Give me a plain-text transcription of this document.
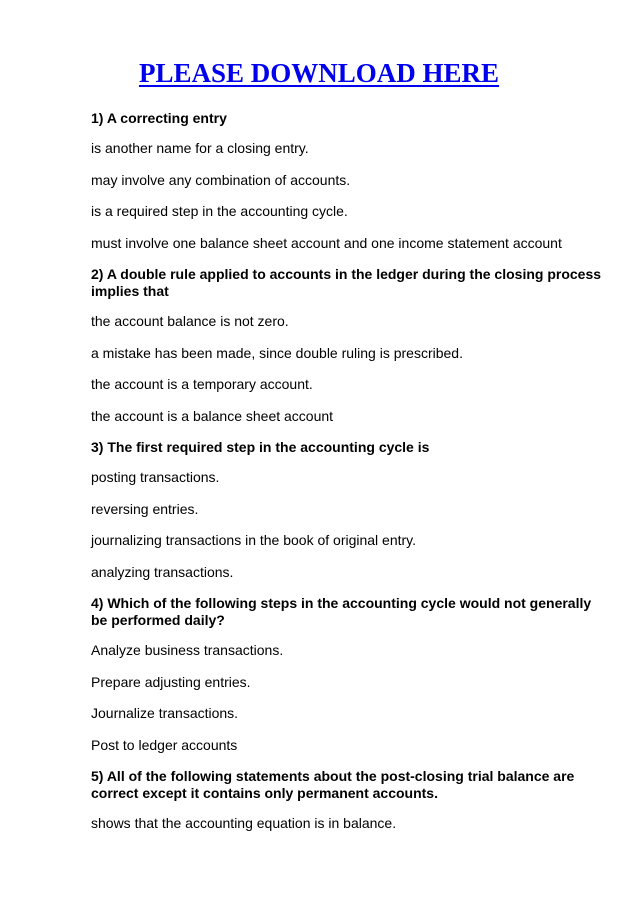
PLEASE DOWNLOAD HERE
1) A correcting entry
is another name for a closing entry.
may involve any combination of accounts.
is a required step in the accounting cycle.
must involve one balance sheet account and one income statement account
2) A double rule applied to accounts in the ledger during the closing process implies that
the account balance is not zero.
a mistake has been made, since double ruling is prescribed.
the account is a temporary account.
the account is a balance sheet account
3) The first required step in the accounting cycle is
posting transactions.
reversing entries.
journalizing transactions in the book of original entry.
analyzing transactions.
4) Which of the following steps in the accounting cycle would not generally be performed daily?
Analyze business transactions.
Prepare adjusting entries.
Journalize transactions.
Post to ledger accounts
5) All of the following statements about the post-closing trial balance are correct except it contains only permanent accounts.
shows that the accounting equation is in balance.
